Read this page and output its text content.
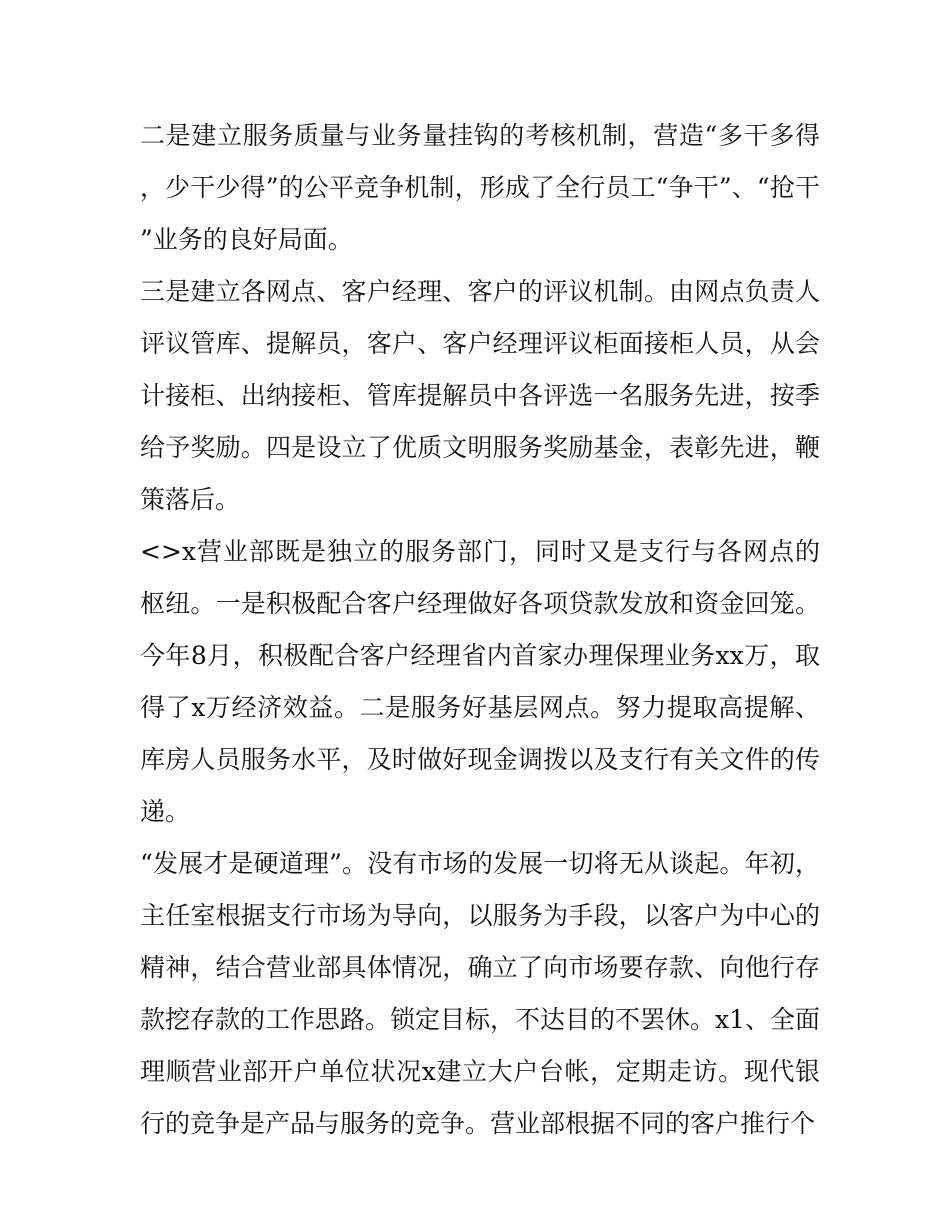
二是建立服务质量与业务量挂钩的考核机制，营造“多干多得，少干少得”的公平竞争机制，形成了全行员工“争干”、“抢干”业务的良好局面。

三是建立各网点、客户经理、客户的评议机制。由网点负责人评议管库、提解员，客户、客户经理评议柜面接柜人员，从会计接柜、出纳接柜、管库提解员中各评选一名服务先进，按季给予奖励。四是设立了优质文明服务奖励基金，表彰先进，鞭策落后。

<>x营业部既是独立的服务部门，同时又是支行与各网点的枢纽。一是积极配合客户经理做好各项贷款发放和资金回笼。今年8月，积极配合客户经理省内首家办理保理业务xx万，取得了x万经济效益。二是服务好基层网点。努力提取高提解、库房人员服务水平，及时做好现金调拨以及支行有关文件的传递。

“发展才是硬道理”。没有市场的发展一切将无从谈起。年初，主任室根据支行市场为导向，以服务为手段，以客户为中心的精神，结合营业部具体情况，确立了向市场要存款、向他行存款挖存款的工作思路。锁定目标，不达目的不罢休。x1、全面理顺营业部开户单位状况x建立大户台帐，定期走访。现代银行的竞争是产品与服务的竞争。营业部根据不同的客户推行个
